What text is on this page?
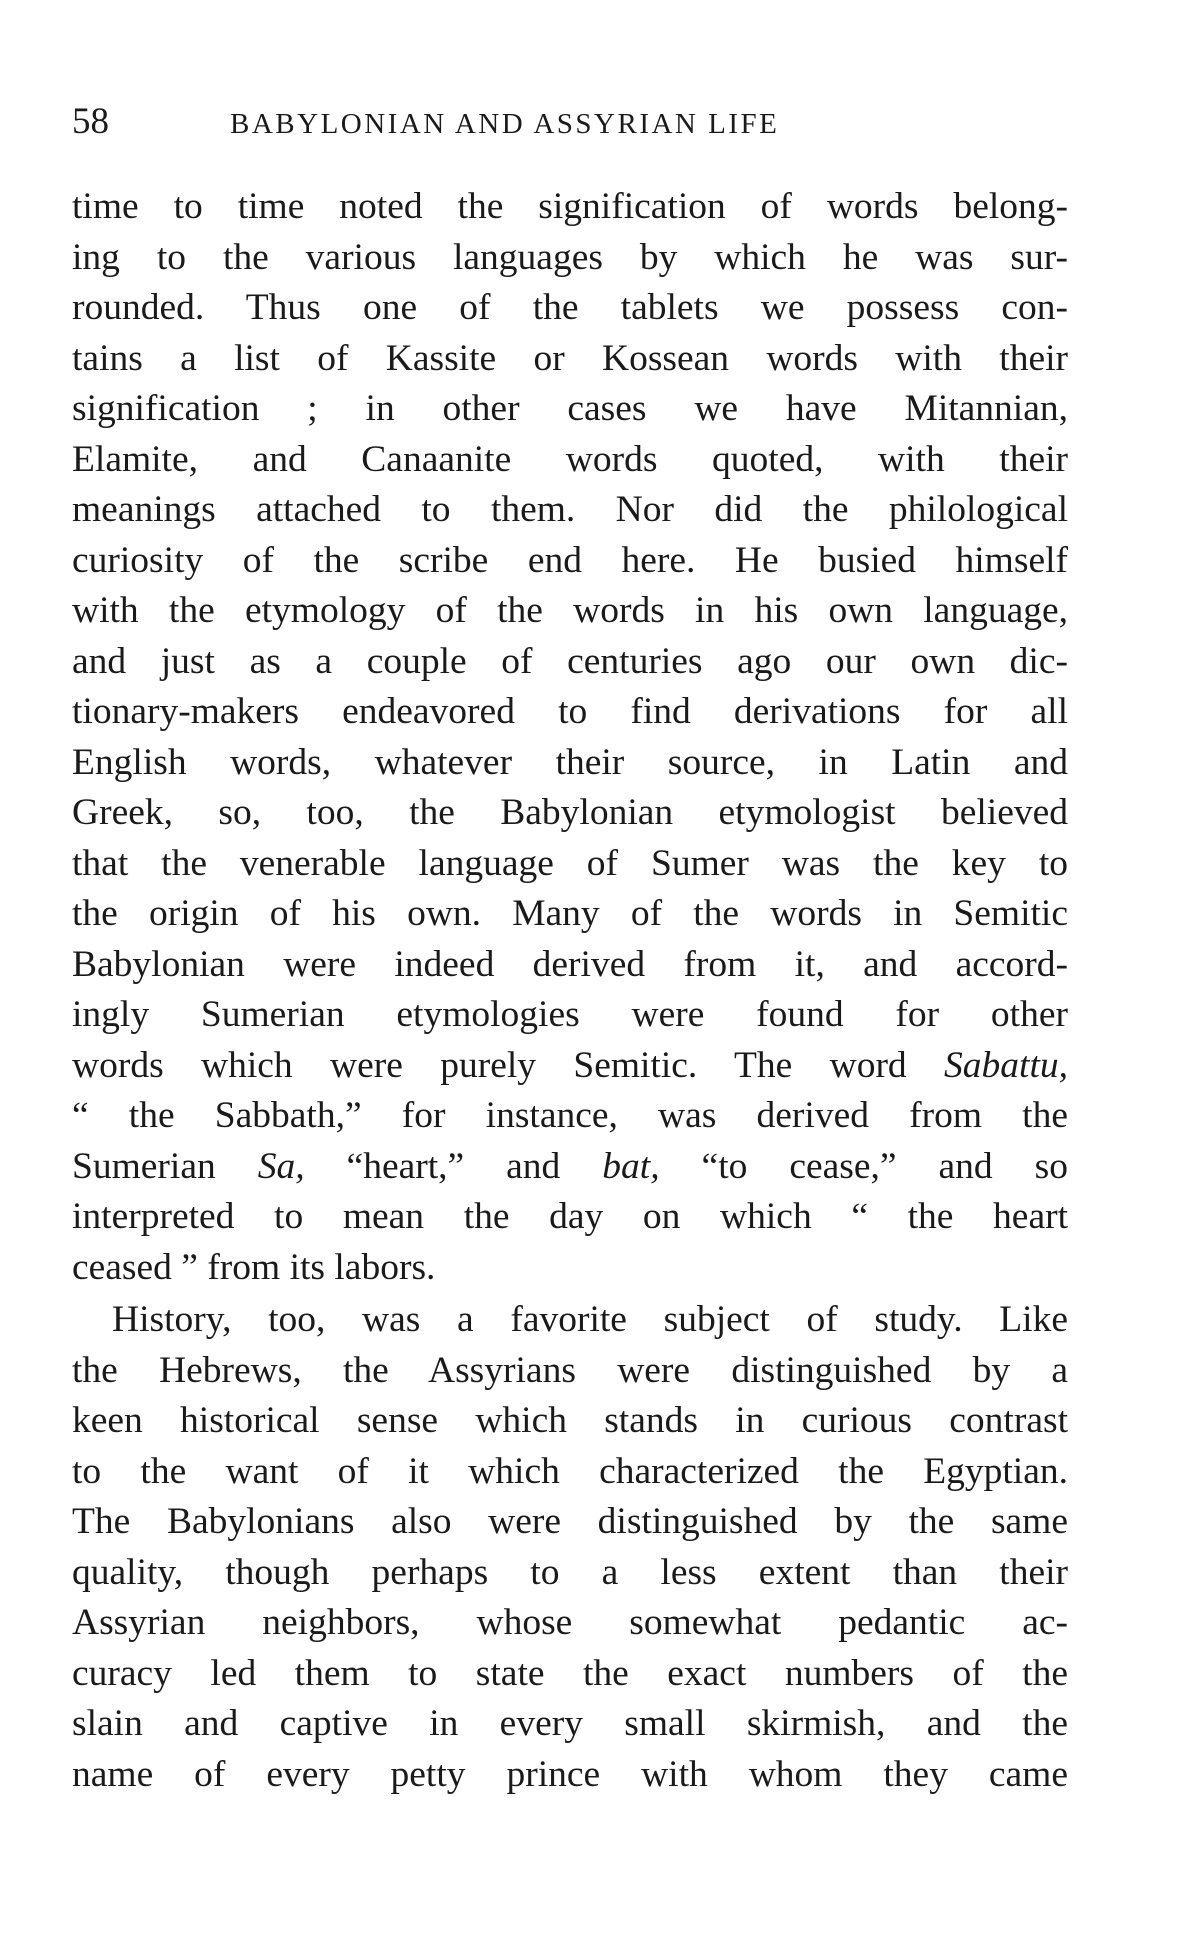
58	BABYLONIAN AND ASSYRIAN LIFE
time to time noted the signification of words belong-
ing to the various languages by which he was sur-
rounded. Thus one of the tablets we possess con-
tains a list of Kassite or Kossean words with their
signification ; in other cases we have Mitannian,
Elamite, and Canaanite words quoted, with their
meanings attached to them. Nor did the philological
curiosity of the scribe end here. He busied himself
with the etymology of the words in his own language,
and just as a couple of centuries ago our own dic-
tionary-makers endeavored to find derivations for all
English words, whatever their source, in Latin and
Greek, so, too, the Babylonian etymologist believed
that the venerable language of Sumer was the key to
the origin of his own. Many of the words in Semitic
Babylonian were indeed derived from it, and accord-
ingly Sumerian etymologies were found for other
words which were purely Semitic. The word Sabattu,
“ the Sabbath,” for instance, was derived from the
Sumerian Sa, “heart,” and bat, “to cease,” and so
interpreted to mean the day on which “ the heart
ceased ” from its labors.
History, too, was a favorite subject of study. Like
the Hebrews, the Assyrians were distinguished by a
keen historical sense which stands in curious contrast
to the want of it which characterized the Egyptian.
The Babylonians also were distinguished by the same
quality, though perhaps to a less extent than their
Assyrian neighbors, whose somewhat pedantic ac-
curacy led them to state the exact numbers of the
slain and captive in every small skirmish, and the
name of every petty prince with whom they came
